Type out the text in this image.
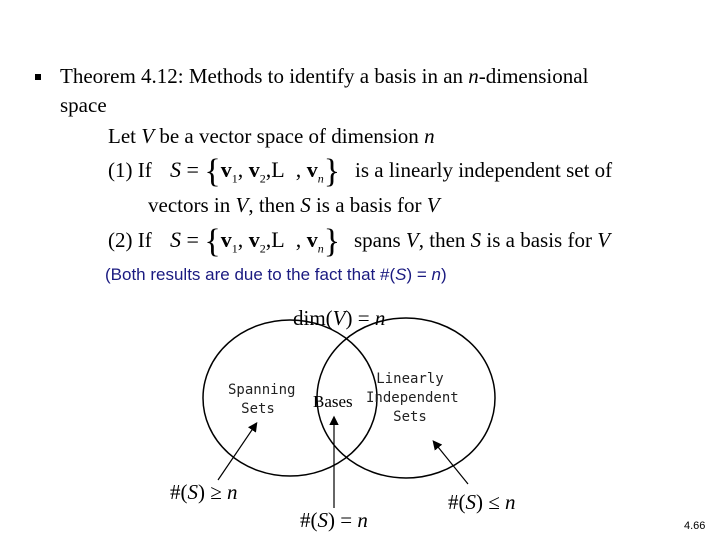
Theorem 4.12: Methods to identify a basis in an n-dimensional
space
Let V be a vector space of dimension n
(1) If $S = \{v_1$, $v_2,L$  , $v_n$} is a linearly independent set of
vectors in V, then S is a basis for V
(2) If $S = \{v_1$, $v_2,L$  , $v_n$} spans V, then S is a basis for V
(Both results are due to the fact that #(S) = n)
dim(V) = n
Spanning
Sets	Bases
Linearly
Independent
Sets
#(S) ≥ n
#(S) = n
#(S) ≤ n
4.66
